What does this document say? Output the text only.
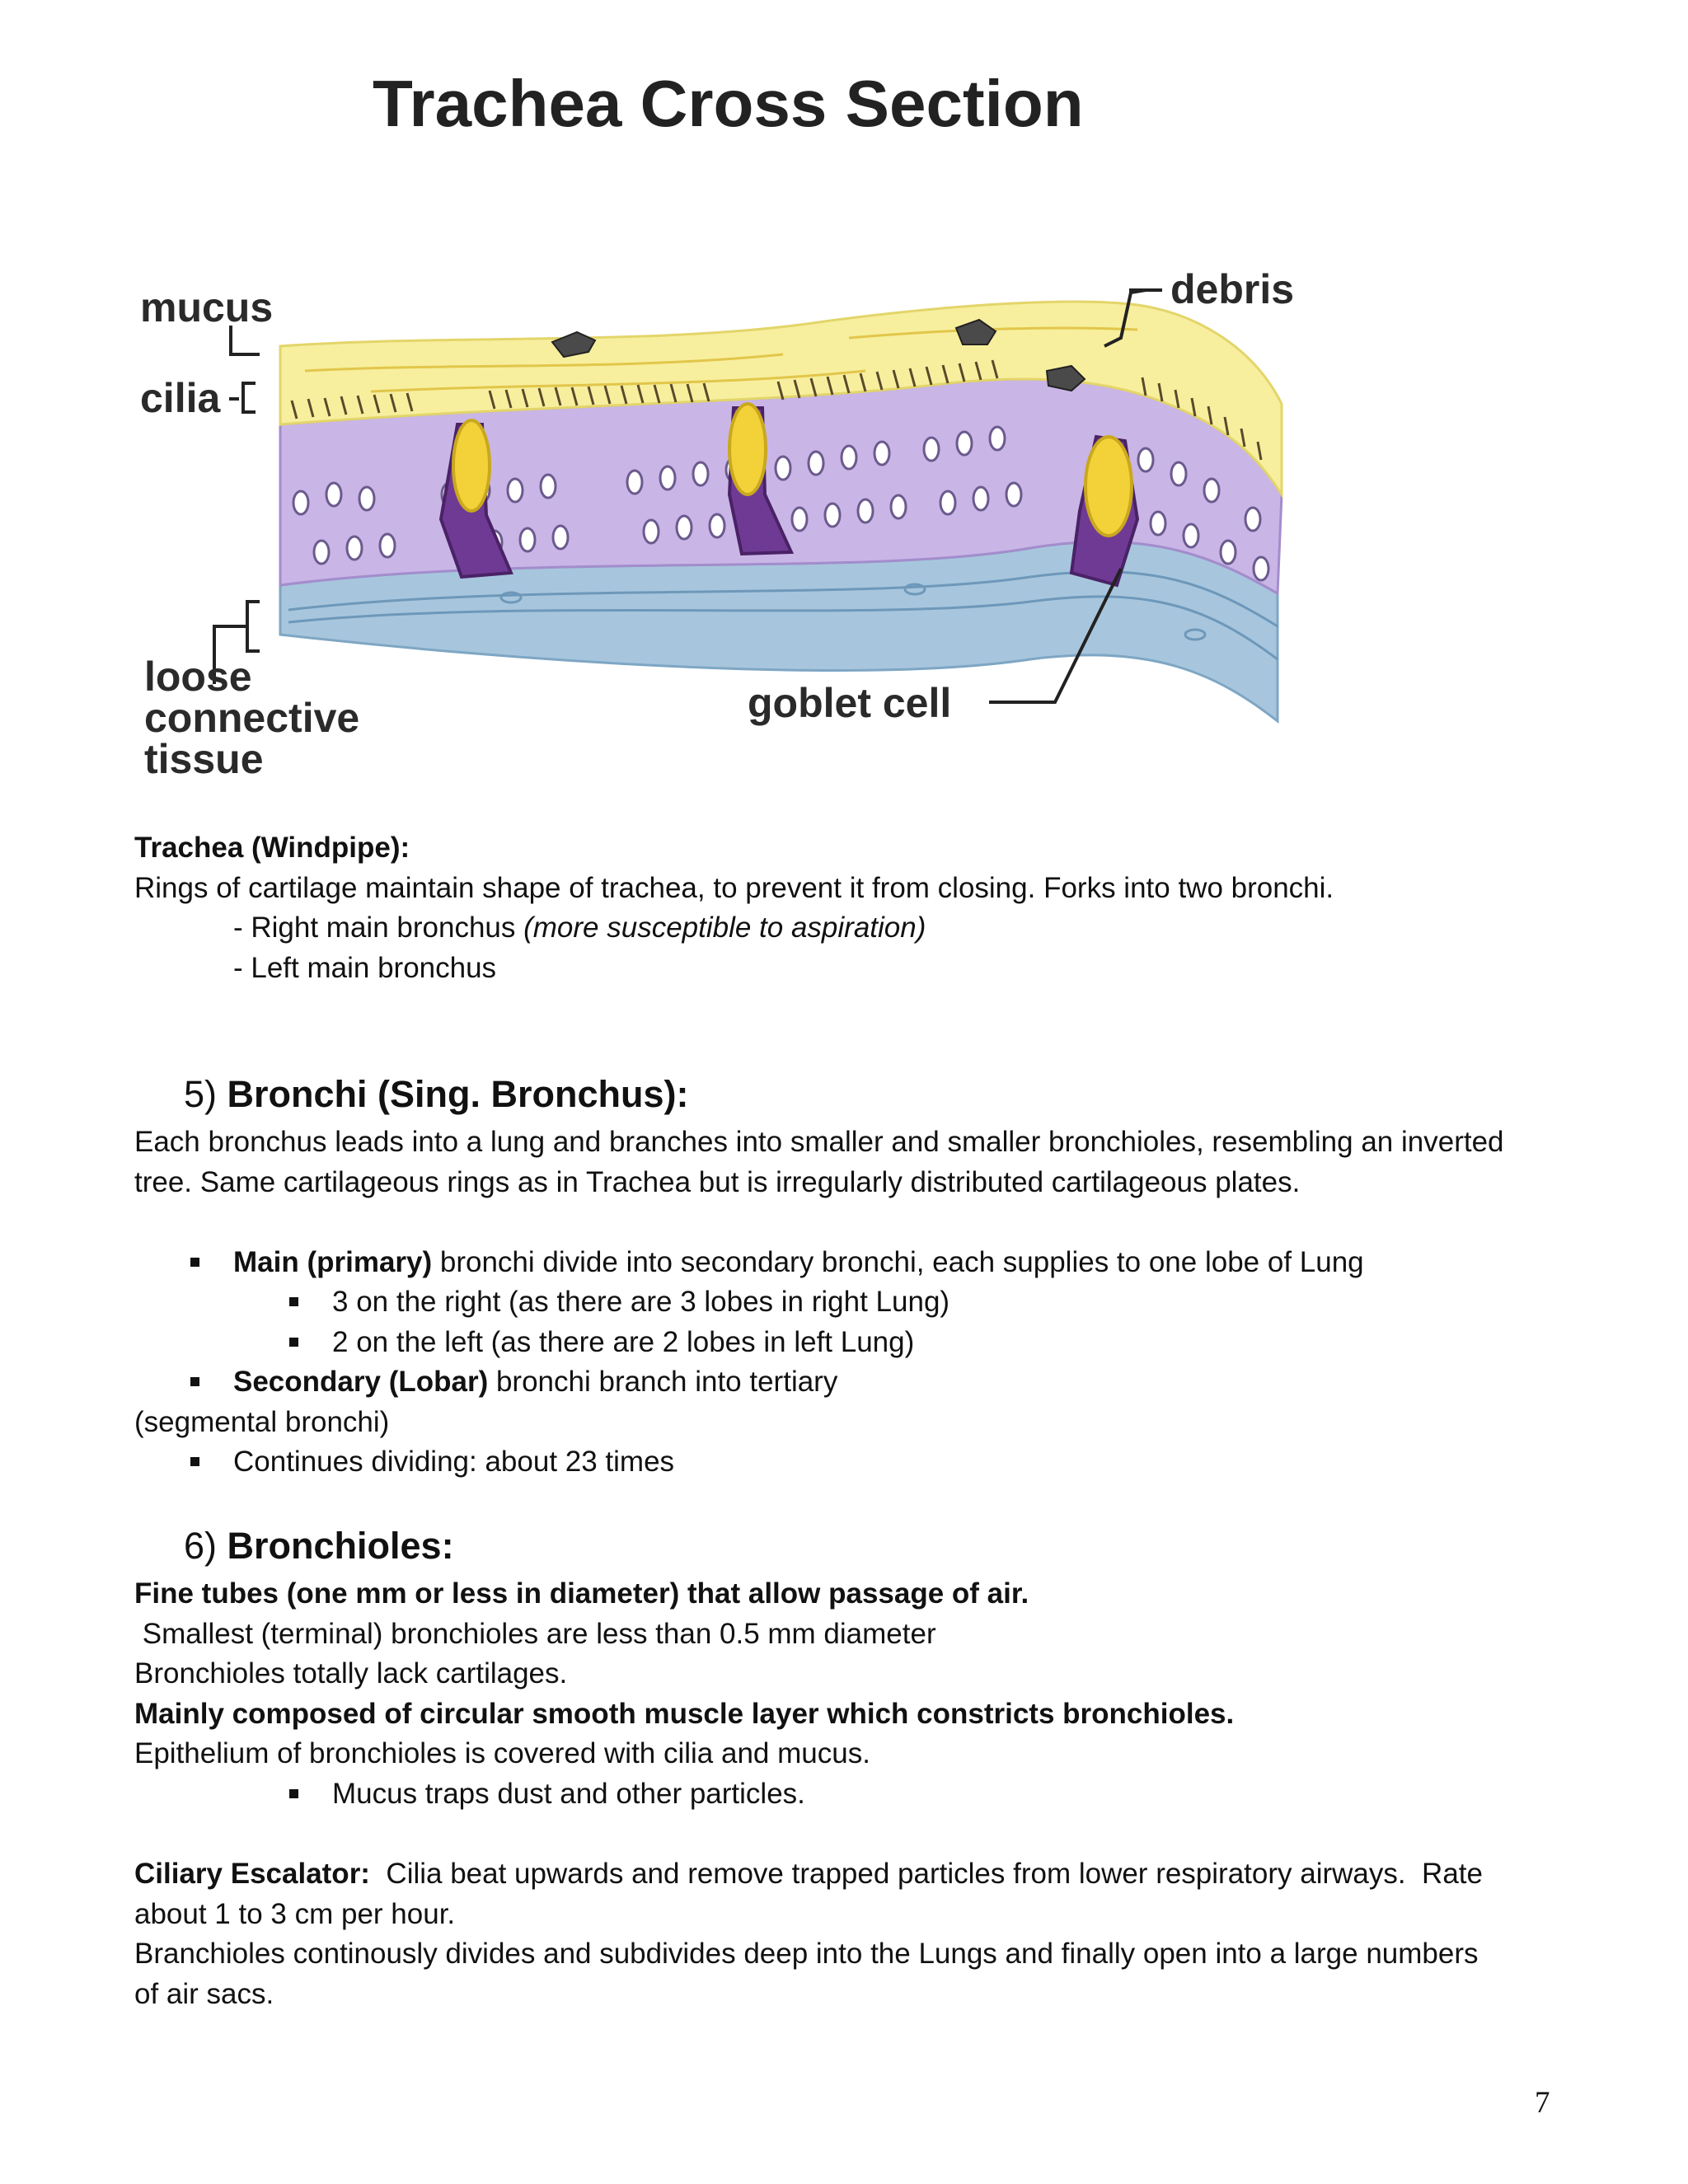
Trachea Cross Section
mucus
cilia
debris
loose
connective
tissue
goblet cell

Trachea (Windpipe):

Rings of cartilage maintain shape of trachea, to prevent it from closing. Forks into two bronchi.

- Right main bronchus (more susceptible to aspiration)

- Left main bronchus

5) Bronchi (Sing. Bronchus):

Each bronchus leads into a lung and branches into smaller and smaller bronchioles, resembling an inverted

tree. Same cartilageous rings as in Trachea but is irregularly distributed cartilageous plates.

Main (primary) bronchi divide into secondary bronchi, each supplies to one lobe of Lung

3 on the right (as there are 3 lobes in right Lung)

2 on the left (as there are 2 lobes in left Lung)

Secondary (Lobar) bronchi branch into tertiary

(segmental bronchi)

Continues dividing: about 23 times

6) Bronchioles:

Fine tubes (one mm or less in diameter) that allow passage of air.

Smallest (terminal) bronchioles are less than 0.5 mm diameter

Bronchioles totally lack cartilages.

Mainly composed of circular smooth muscle layer which constricts bronchioles.

Epithelium of bronchioles is covered with cilia and mucus.

Mucus traps dust and other particles.

Ciliary Escalator:  Cilia beat upwards and remove trapped particles from lower respiratory airways.  Rate

about 1 to 3 cm per hour.

Branchioles continously divides and subdivides deep into the Lungs and finally open into a large numbers

of air sacs.

7
